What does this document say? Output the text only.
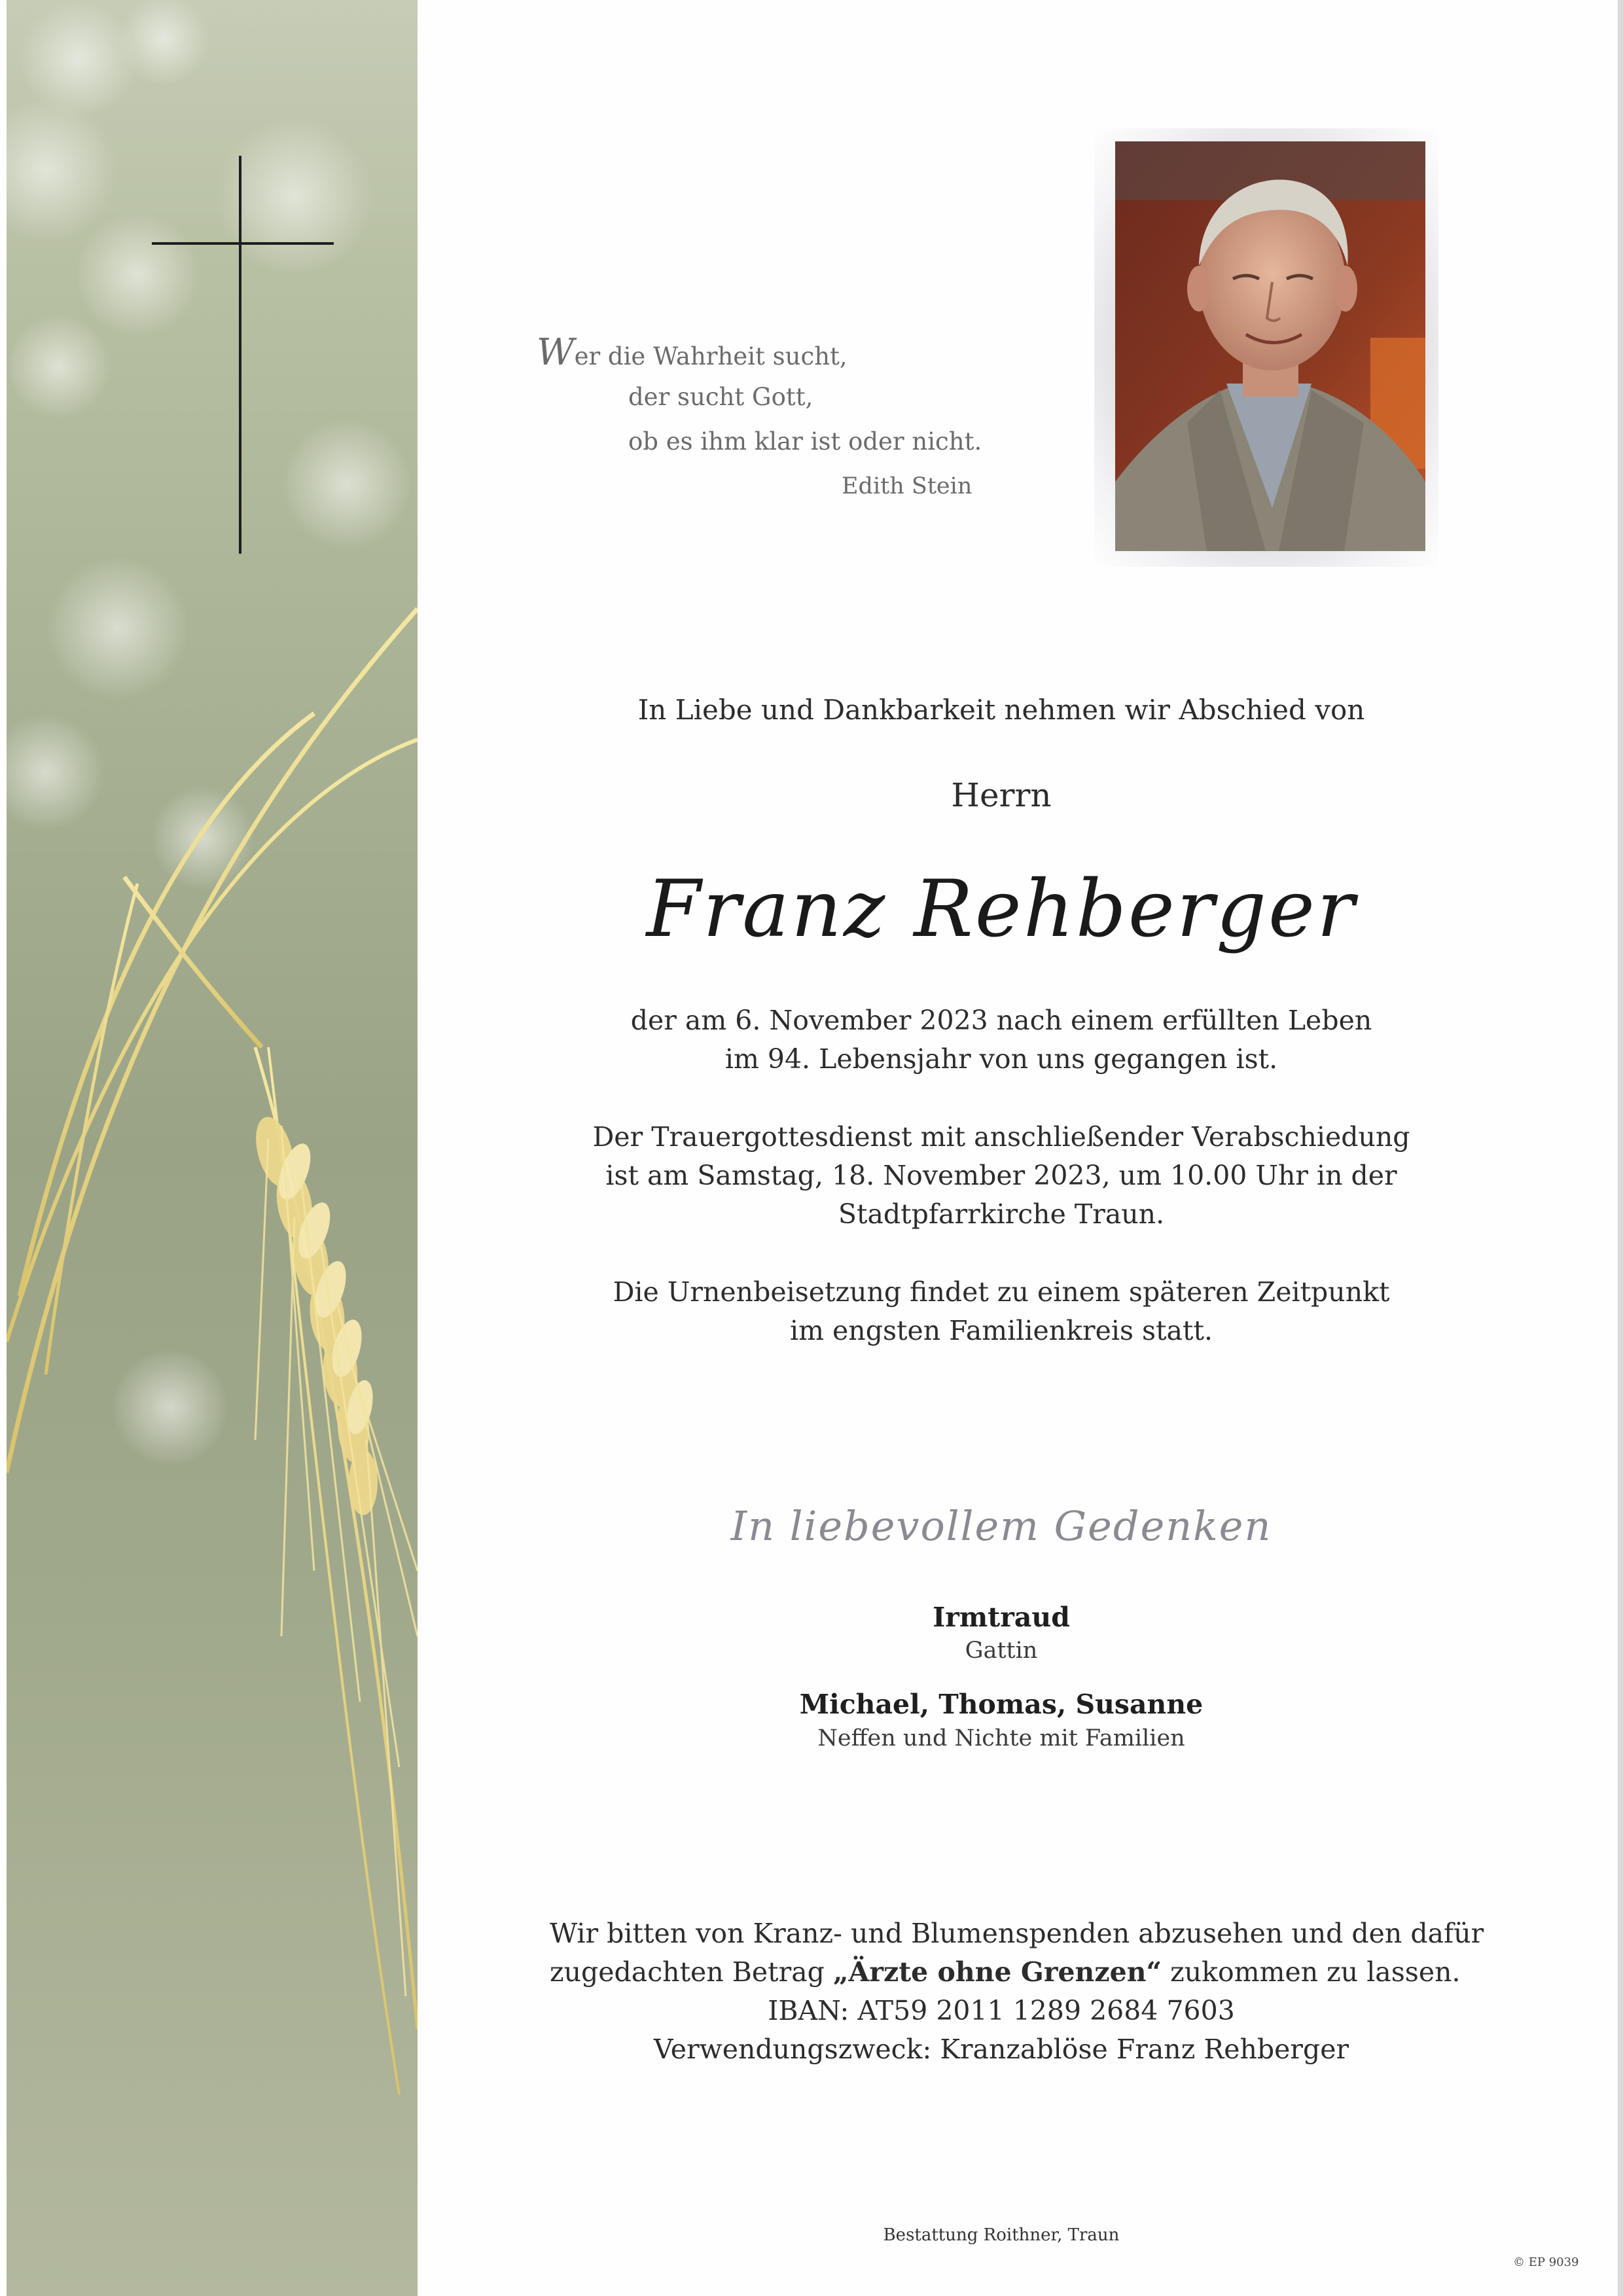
Wer die Wahrheit sucht,
der sucht Gott,
ob es ihm klar ist oder nicht.
Edith Stein
In Liebe und Dankbarkeit nehmen wir Abschied von
Herrn
Franz Rehberger
der am 6. November 2023 nach einem erfüllten Leben
im 94. Lebensjahr von uns gegangen ist.
Der Trauergottesdienst mit anschließender Verabschiedung
ist am Samstag, 18. November 2023, um 10.00 Uhr in der
Stadtpfarrkirche Traun.
Die Urnenbeisetzung findet zu einem späteren Zeitpunkt
im engsten Familienkreis statt.
In liebevollem Gedenken
Irmtraud
Gattin
Michael, Thomas, Susanne
Neffen und Nichte mit Familien
Wir bitten von Kranz- und Blumenspenden abzusehen und den dafür
zugedachten Betrag „Ärzte ohne Grenzen“ zukommen zu lassen.
IBAN: AT59 2011 1289 2684 7603
Verwendungszweck: Kranzablöse Franz Rehberger
Bestattung Roithner, Traun
© EP 9039
